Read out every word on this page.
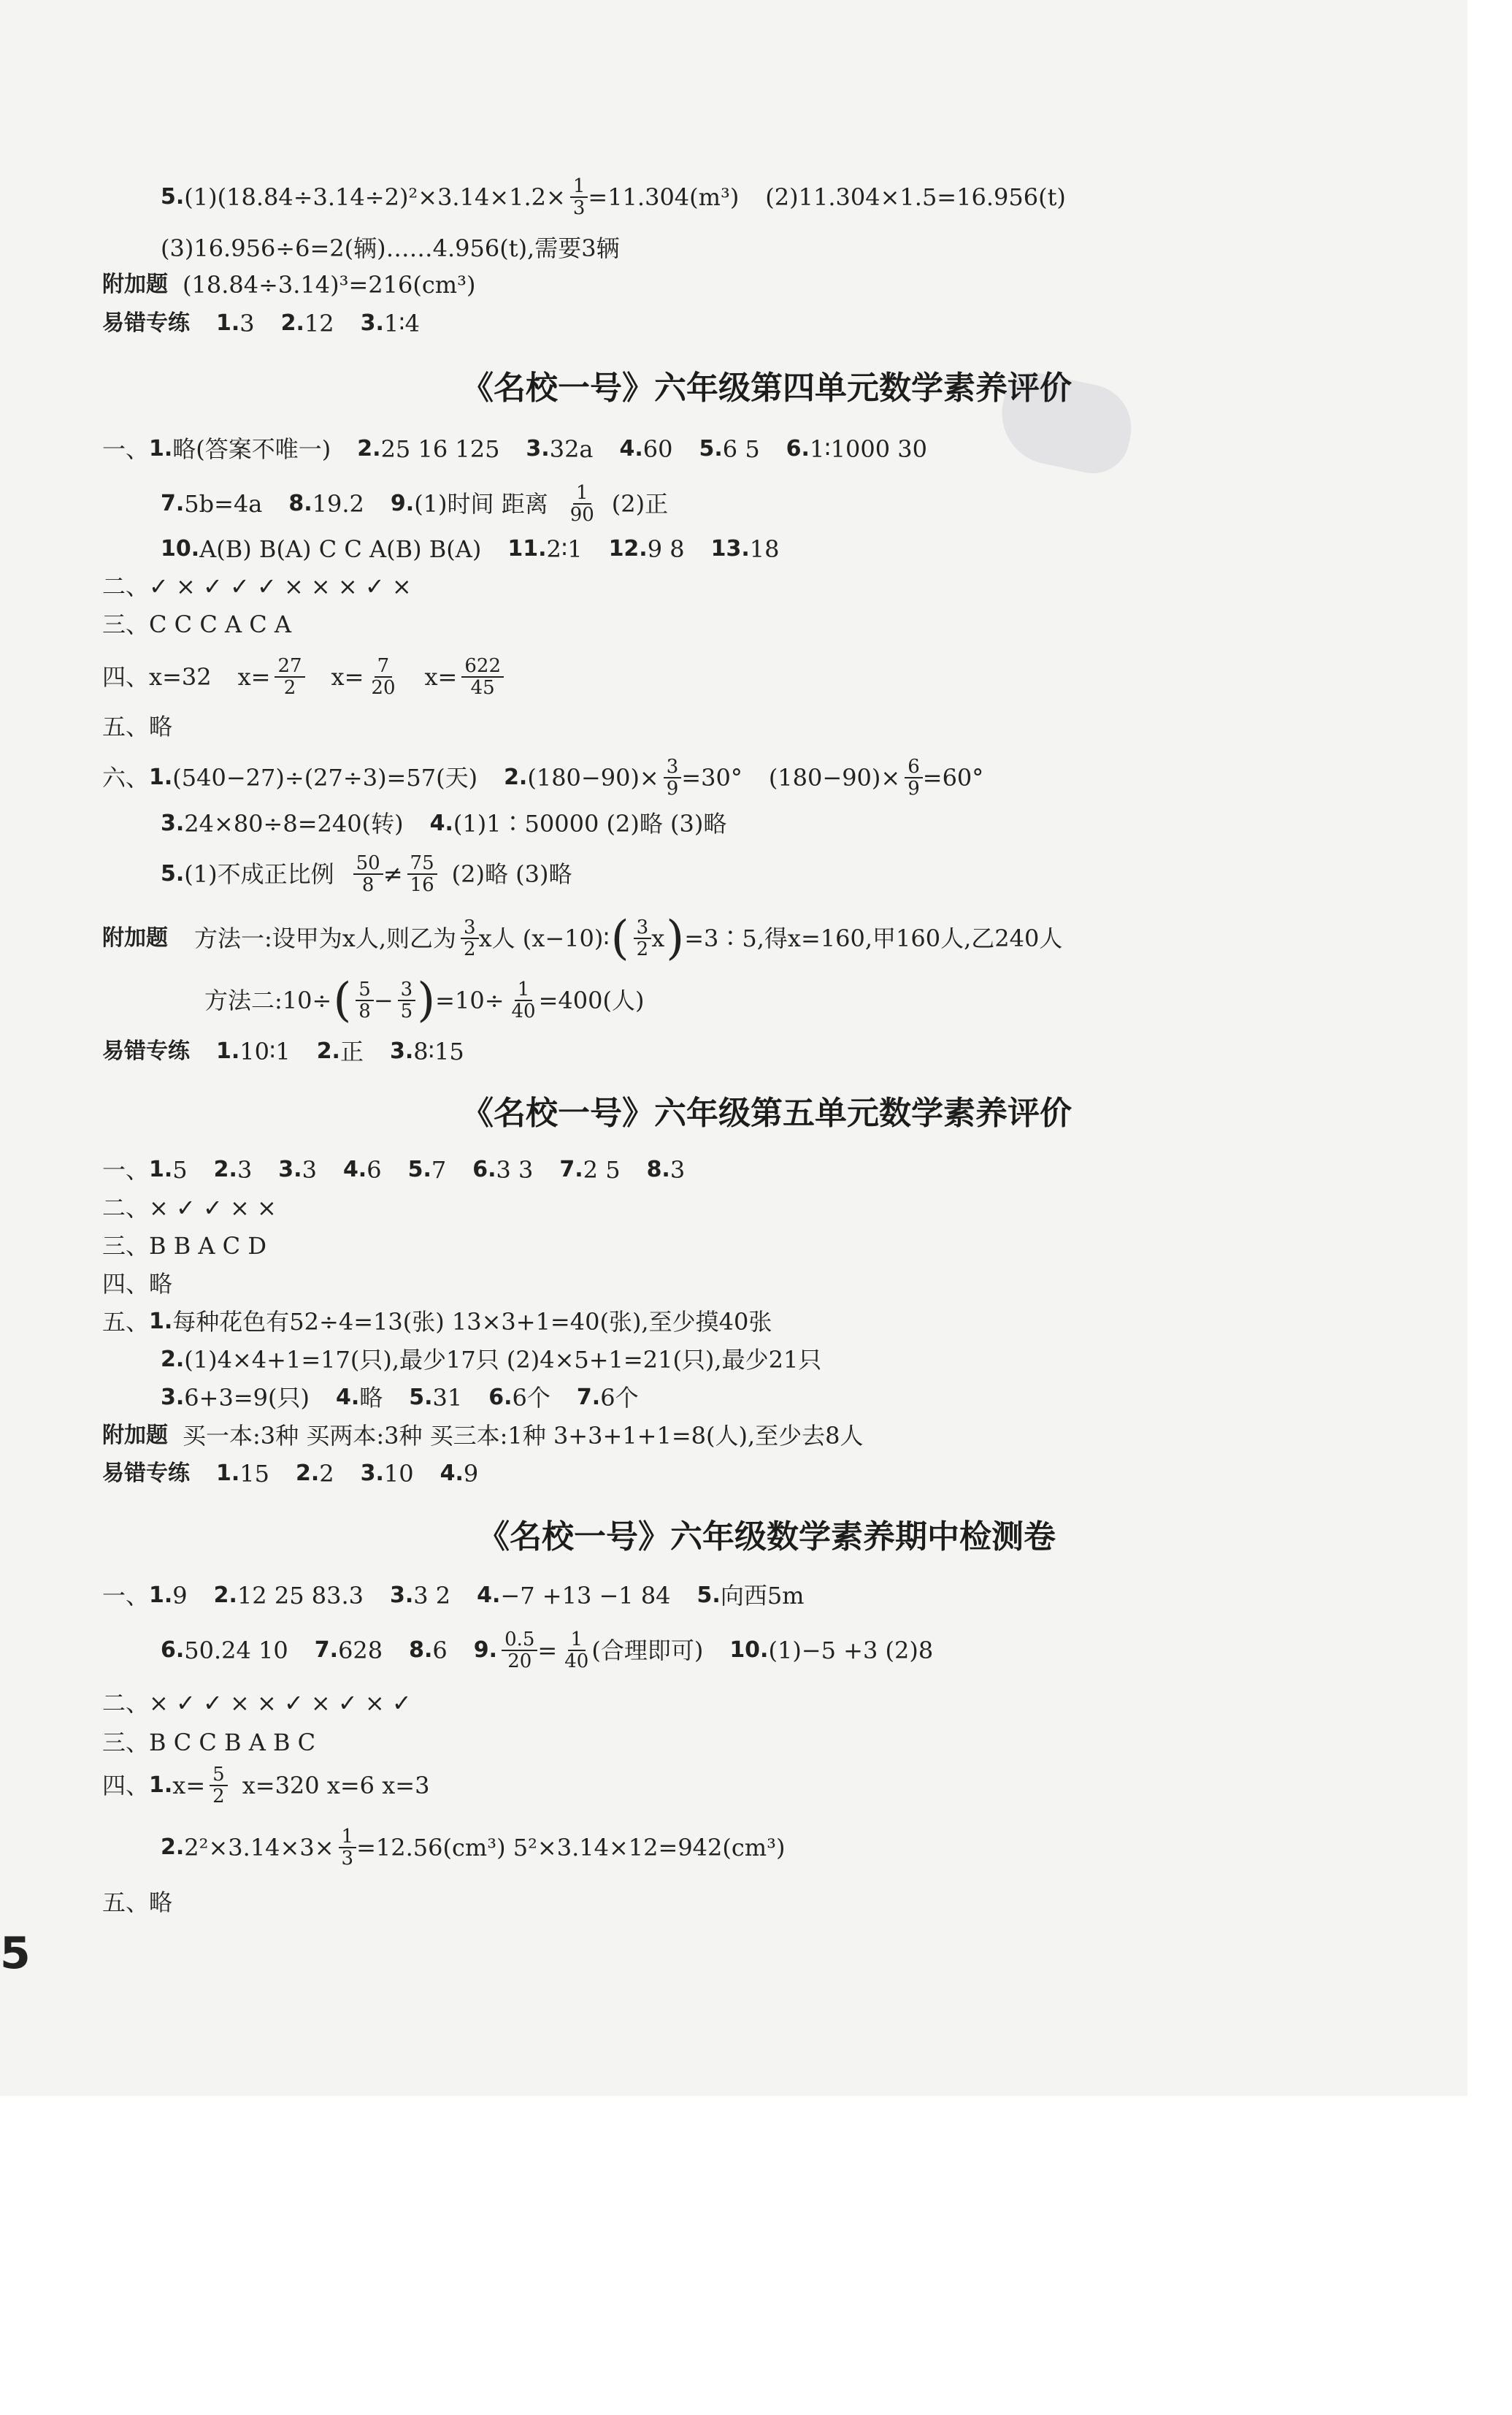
5. $(1)(18.84\div 3.14\div 2)^2\times 3.14\times 1.2\times \frac{1}{3} =11.304(m^3)$ (2)11.304×1.5=16.956(t)
(3)16.956÷6=2(辆)……4.956(t),需要3辆
附加题 (18.84÷3.14)³=216(cm³)
易错专练 1. 3 2. 12 3. 1∶4
《名校一号》六年级第四单元数学素养评价
一、 1. 略(答案不唯一) 2. 25 16 125 3. 32a 4. 60 5. 6 5 6. 1∶1000 30
7. 5b=4a 8. 19.2 9. (1)时间 距离 $\frac{1}{90} (2)$正
10. A(B) B(A) C C A(B) B(A) 11. 2∶1 12. 9 8 13. 18
二、 ✓ × ✓ ✓ ✓ × × × ✓ ×
三、 C C C A C A
四、 x=32 $x= \frac{27}{2} x= \frac{7}{20} x= \frac{622}{45}$
五、 略
六、 1. (540−27)÷(27÷3)=57(天) 2. $(180-90)\times \frac{3}{9} =30^\circ$ $(180-90)\times \frac{6}{9} =60^\circ$
3. 24×80÷8=240(转) 4. (1)1∶50000 (2)略 (3)略
5. (1)不成正比例 $\frac{50}{8} \ne \frac{75}{16} (2)$略 (3)略
附加题 方法一:设甲为x人,则乙为 $\frac{3}{2}$ x人 (x−10)∶ ( $\frac{3}{2}$ x ) =3∶5,得x=160,甲160人,乙240人
方法二:10÷ ( $\frac{5}{8} - \frac{3}{5}$ ) $=10\div \frac{1}{40} =400$(人)
易错专练 1. 10∶1 2. 正 3. 8∶15
《名校一号》六年级第五单元数学素养评价
一、 1. 5 2. 3 3. 3 4. 6 5. 7 6. 3 3 7. 2 5 8. 3
二、 × ✓ ✓ × ×
三、 B B A C D
四、 略
五、 1. 每种花色有52÷4=13(张) 13×3+1=40(张),至少摸40张
2. (1)4×4+1=17(只),最少17只 (2)4×5+1=21(只),最少21只
3. 6+3=9(只) 4. 略 5. 31 6. 6个 7. 6个
附加题 买一本:3种 买两本:3种 买三本:1种 3+3+1+1=8(人),至少去8人
易错专练 1. 15 2. 2 3. 10 4. 9
《名校一号》六年级数学素养期中检测卷
一、 1. 9 2. 12 25 83.3 3. 3 2 4. −7 +13 −1 84 5. 向西5m
6. 50.24 10 7. 628 8. 6 9. $\frac{0.5}{20} = \frac{1}{40}$ (合理即可) 10. (1)−5 +3 (2)8
二、 × ✓ ✓ × × ✓ × ✓ × ✓
三、 B C C B A B C
四、 1. $x= \frac{5}{2} x=320$ x=6 x=3
2. $2^2\times 3.14\times 3\times \frac{1}{3} =12.56(cm^3)$ 5²×3.14×12=942(cm³)
五、 略
5
